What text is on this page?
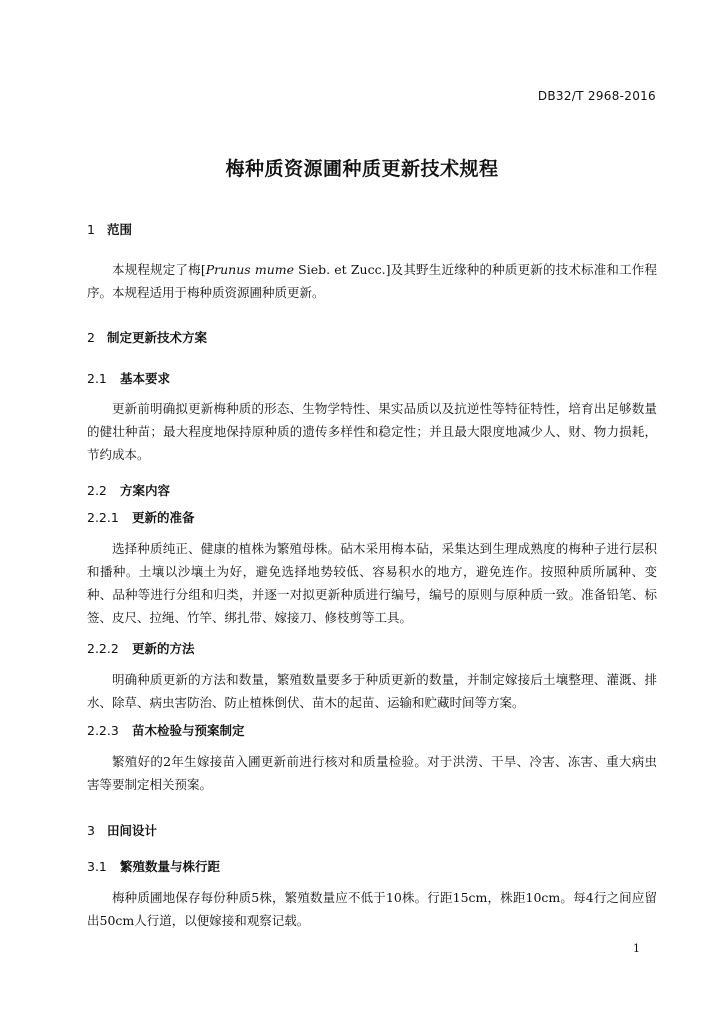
DB32/T 2968-2016
梅种质资源圃种质更新技术规程
1 范围
本规程规定了梅[Prunus mume Sieb. et Zucc.]及其野生近缘种的种质更新的技术标准和工作程序。 本规程适用于梅种质资源圃种质更新。
2 制定更新技术方案
2.1 基本要求
更新前明确拟更新梅种质的形态、生物学特性、果实品质以及抗逆性等特征特性，培育出足够数量的健壮种苗；最大程度地保持原种质的遗传多样性和稳定性；并且最大限度地减少人、财、物力损耗，节约成本。
2.2 方案内容
2.2.1 更新的准备
选择种质纯正、健康的植株为繁殖母株。砧木采用梅本砧，采集达到生理成熟度的梅种子进行层积和播种。土壤以沙壤土为好，避免选择地势较低、容易积水的地方，避免连作。按照种质所属种、变种、品种等进行分组和归类，并逐一对拟更新种质进行编号，编号的原则与原种质一致。准备铅笔、标签、皮尺、拉绳、竹竿、绑扎带、嫁接刀、修枝剪等工具。
2.2.2 更新的方法
明确种质更新的方法和数量，繁殖数量要多于种质更新的数量，并制定嫁接后土壤整理、灌溉、排水、除草、病虫害防治、防止植株倒伏、苗木的起苗、运输和贮藏时间等方案。
2.2.3 苗木检验与预案制定
繁殖好的2年生嫁接苗入圃更新前进行核对和质量检验。对于洪涝、干旱、冷害、冻害、重大病虫害等要制定相关预案。
3 田间设计
3.1 繁殖数量与株行距
梅种质圃地保存每份种质5株，繁殖数量应不低于10株。行距15cm，株距10cm。每4行之间应留出50cm人行道，以便嫁接和观察记载。
1
